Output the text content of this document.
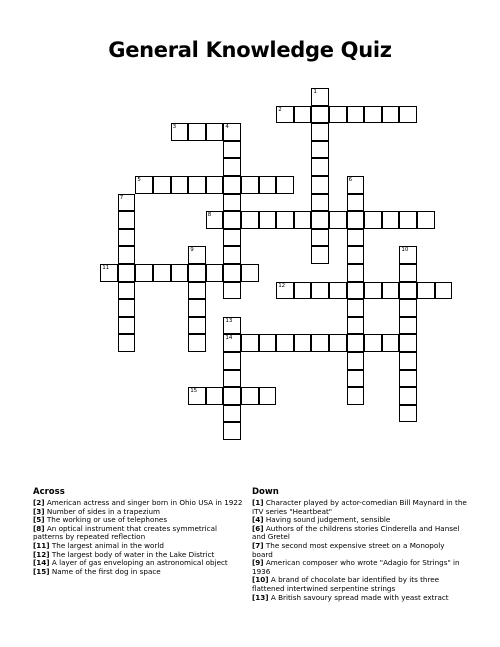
General Knowledge Quiz
1
2
3	4
5	6
7
8
9	10
11
12
13
14
15
Across
[2] American actress and singer born in Ohio USA in 1922
[3] Number of sides in a trapezium
[5] The working or use of telephones
[8] An optical instrument that creates symmetrical patterns by repeated reflection
[11] The largest animal in the world
[12] The largest body of water in the Lake District
[14] A layer of gas enveloping an astronomical object
[15] Name of the first dog in space
Down
[1] Character played by actor-comedian Bill Maynard in the ITV series "Heartbeat"
[4] Having sound judgement, sensible
[6] Authors of the childrens stories Cinderella and Hansel and Gretel
[7] The second most expensive street on a Monopoly board
[9] American composer who wrote "Adagio for Strings" in 1936
[10] A brand of chocolate bar identified by its three flattened intertwined serpentine strings
[13] A British savoury spread made with yeast extract
